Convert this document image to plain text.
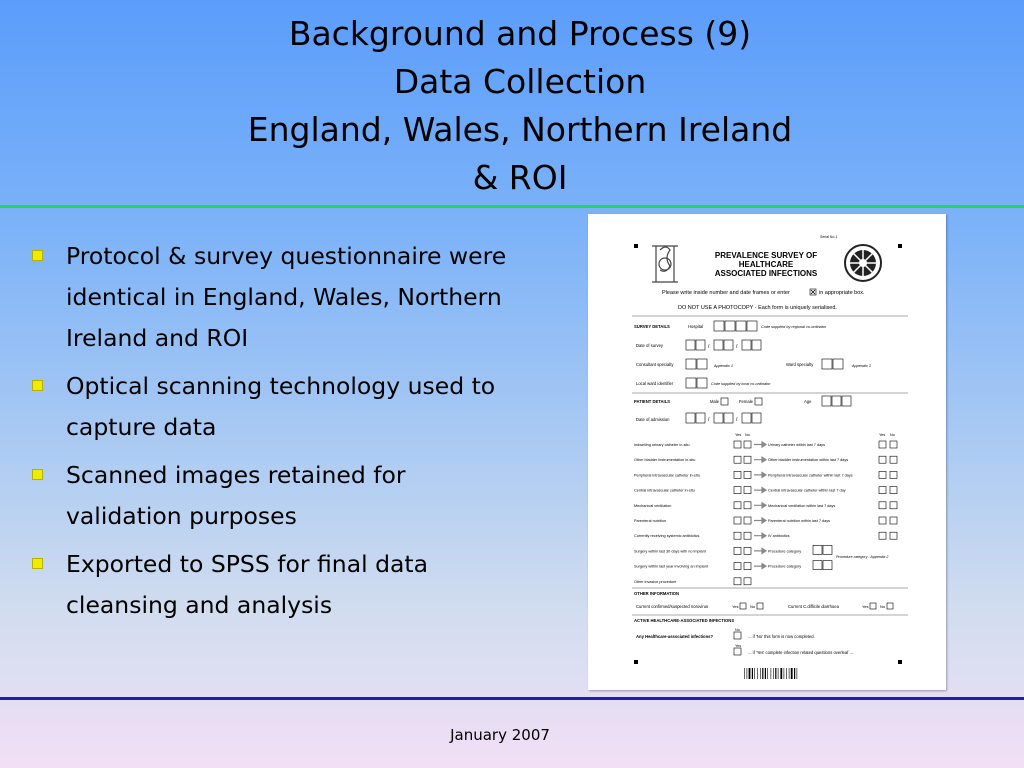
Background and Process (9)
Data Collection
England, Wales, Northern Ireland
& ROI
Protocol & survey questionnaire were identical in England, Wales, Northern Ireland and ROI
Optical scanning technology used to capture data
Scanned images retained for validation purposes
Exported to SPSS for final data cleansing and analysis
Serial No 1
PREVALENCE SURVEY OF
HEALTHCARE
ASSOCIATED INFECTIONS
Please write inside number and date frames or enter	in appropriate box.
DO NOT USE A PHOTOCOPY - Each form is uniquely serialised.
SURVEY DETAILS	Hospital	Code supplied by regional co-ordinator
Date of survey	/	/
Consultant specialty	Appendix 1	Ward specialty	Appendix 1
Local ward identifier	Code supplied by local co-ordinator
PATIENT DETAILS	Male	Female	Age
Date of admission	/	/
Yes No	Yes No
Indwelling urinary catheter in-situ	Urinary catheter within last 7 days
Other bladder instrumentation in-situ	Other bladder instrumentation within last 7 days
Peripheral intravascular catheter in-situ	Peripheral intravascular catheter within last 7 days
Central intravascular catheter in-situ	Central intravascular catheter within last 7 day
Mechanical ventilation	Mechanical ventilation within last 7 days
Parenteral nutrition	Parenteral nutrition within last 7 days
Currently receiving systemic antibiotics	IV antibiotics
Surgery within last 30 days with no implant	Procedure category
Surgery within last year involving an implant	Procedure category
Other invasive procedure
Procedure category - Appendix 2
OTHER INFORMATION
Current confirmed/suspected norovirus	Yes	No	Current C.difficile diarrhoea	Yes	No
ACTIVE HEALTHCARE-ASSOCIATED INFECTIONS
No
Any Healthcare-associated infections?	... if 'No' this form is now completed.
Yes
... if 'Yes' complete infection related questions overleaf ...
January 2007
